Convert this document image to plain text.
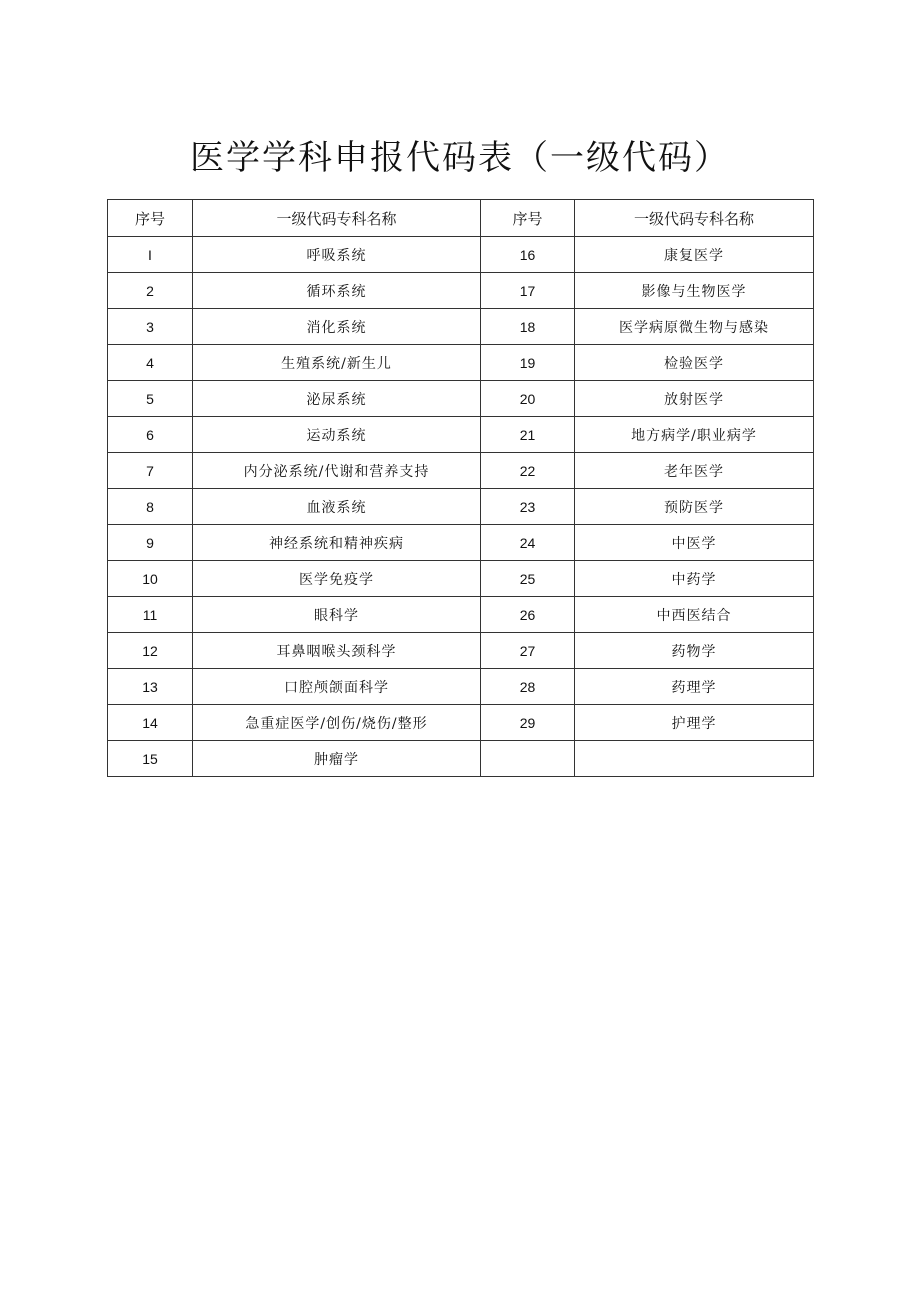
医学学科申报代码表（一级代码）
序号	一级代码专科名称	序号	一级代码专科名称
I	呼吸系统	16	康复医学
2	循环系统	17	影像与生物医学
3	消化系统	18	医学病原微生物与感染
4	生殖系统/新生儿	19	检验医学
5	泌尿系统	20	放射医学
6	运动系统	21	地方病学/职业病学
7	内分泌系统/代谢和营养支持	22	老年医学
8	血液系统	23	预防医学
9	神经系统和精神疾病	24	中医学
10	医学免疫学	25	中药学
11	眼科学	26	中西医结合
12	耳鼻咽喉头颈科学	27	药物学
13	口腔颅颌面科学	28	药理学
14	急重症医学/创伤/烧伤/整形	29	护理学
15	肿瘤学		
